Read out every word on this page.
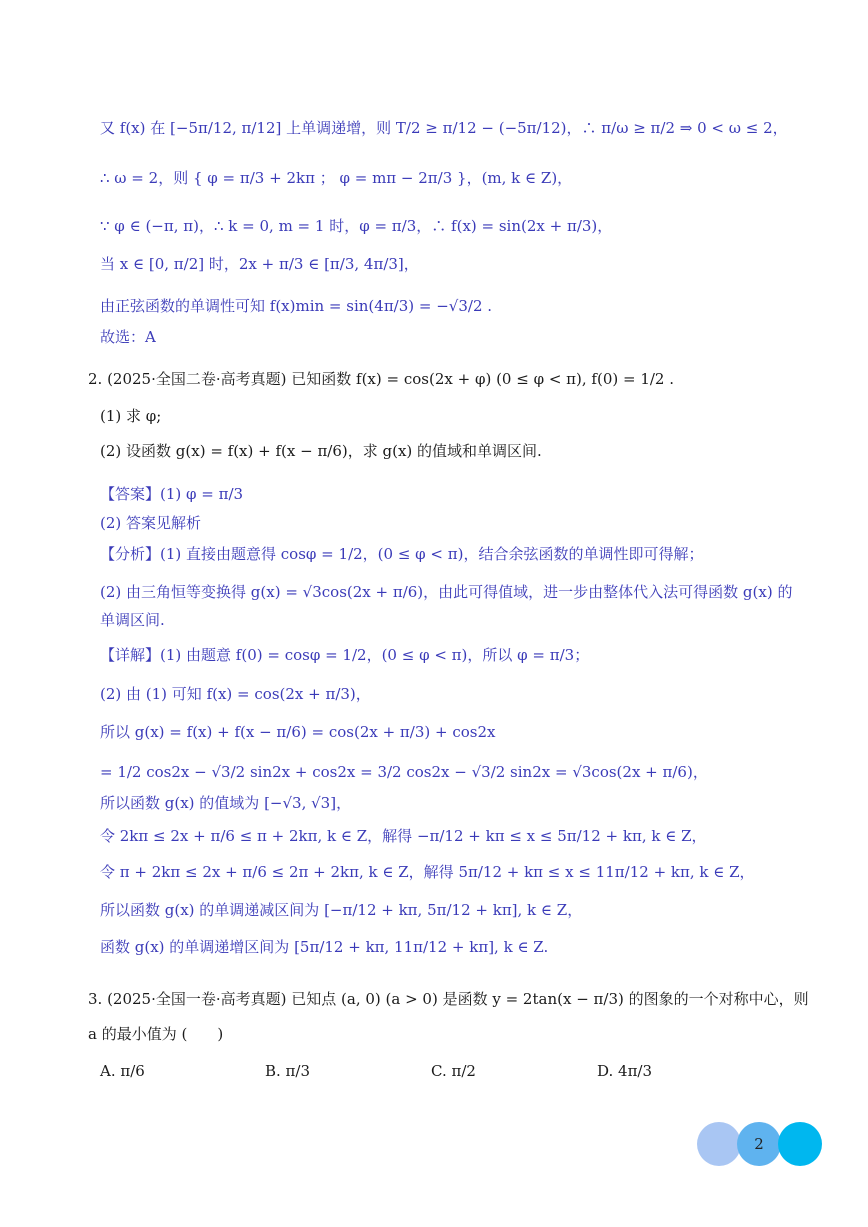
又 f(x) 在 [−5π/12, π/12] 上单调递增，则 T/2 ≥ π/12 − (−5π/12)，∴ π/ω ≥ π/2 ⇒ 0 < ω ≤ 2，
∴ ω = 2，则 { φ = π/3 + 2kπ ； φ = mπ − 2π/3 }，(m, k ∈ Z)，
∵ φ ∈ (−π, π)，∴ k = 0, m = 1 时，φ = π/3，∴ f(x) = sin(2x + π/3)，
当 x ∈ [0, π/2] 时，2x + π/3 ∈ [π/3, 4π/3]，
由正弦函数的单调性可知 f(x)min = sin(4π/3) = −√3/2 .
故选：A
2. (2025·全国二卷·高考真题) 已知函数 f(x) = cos(2x + φ) (0 ≤ φ < π), f(0) = 1/2 .
(1) 求 φ;
(2) 设函数 g(x) = f(x) + f(x − π/6)，求 g(x) 的值域和单调区间.
【答案】(1) φ = π/3
(2) 答案见解析
【分析】(1) 直接由题意得 cosφ = 1/2，(0 ≤ φ < π)，结合余弦函数的单调性即可得解；
(2) 由三角恒等变换得 g(x) = √3cos(2x + π/6)，由此可得值域，进一步由整体代入法可得函数 g(x) 的
单调区间.
【详解】(1) 由题意 f(0) = cosφ = 1/2，(0 ≤ φ < π)，所以 φ = π/3；
(2) 由 (1) 可知 f(x) = cos(2x + π/3)，
所以 g(x) = f(x) + f(x − π/6) = cos(2x + π/3) + cos2x
= 1/2 cos2x − √3/2 sin2x + cos2x = 3/2 cos2x − √3/2 sin2x = √3cos(2x + π/6)，
所以函数 g(x) 的值域为 [−√3, √3]，
令 2kπ ≤ 2x + π/6 ≤ π + 2kπ, k ∈ Z，解得 −π/12 + kπ ≤ x ≤ 5π/12 + kπ, k ∈ Z，
令 π + 2kπ ≤ 2x + π/6 ≤ 2π + 2kπ, k ∈ Z，解得 5π/12 + kπ ≤ x ≤ 11π/12 + kπ, k ∈ Z，
所以函数 g(x) 的单调递减区间为 [−π/12 + kπ, 5π/12 + kπ], k ∈ Z，
函数 g(x) 的单调递增区间为 [5π/12 + kπ, 11π/12 + kπ], k ∈ Z.
3. (2025·全国一卷·高考真题) 已知点 (a, 0) (a > 0) 是函数 y = 2tan(x − π/3) 的图象的一个对称中心，则
a 的最小值为 (　　)
A. π/6	B. π/3	C. π/2	D. 4π/3
2
